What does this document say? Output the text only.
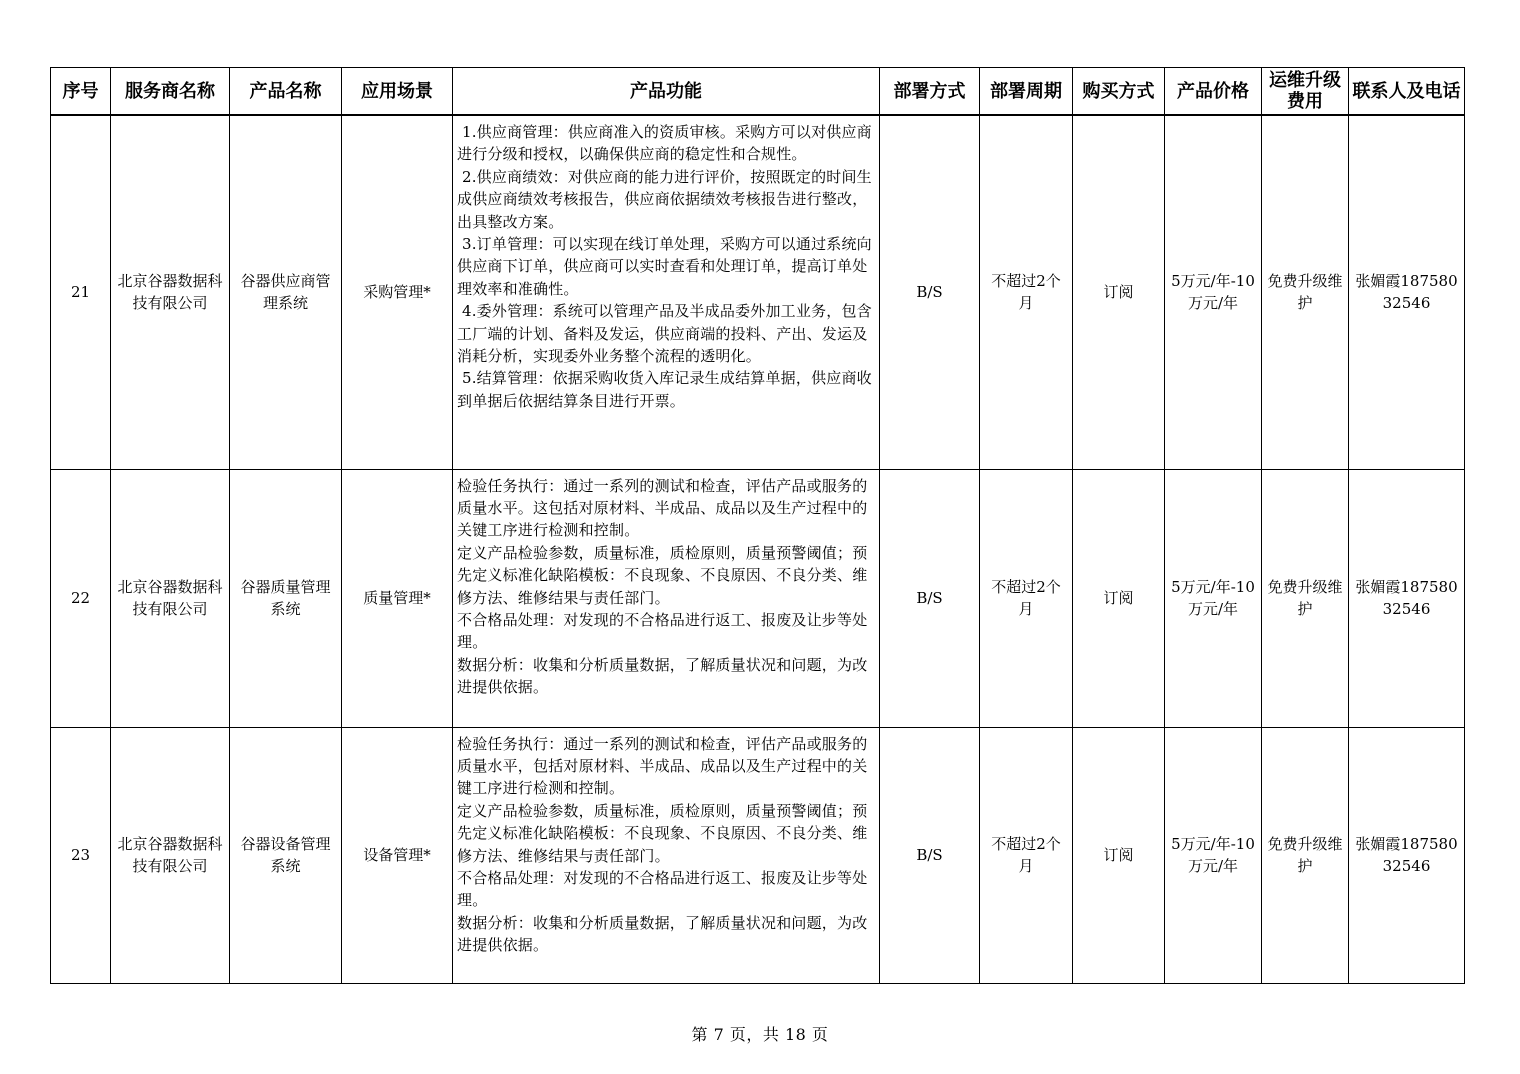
序号	服务商名称	产品名称	应用场景	产品功能	部署方式	部署周期	购买方式	产品价格	运维升级费用	联系人及电话
21	北京谷器数据科技有限公司	谷器供应商管理系统	采购管理*	1.供应商管理：供应商准入的资质审核。采购方可以对供应商进行分级和授权，以确保供应商的稳定性和合规性。
2.供应商绩效：对供应商的能力进行评价，按照既定的时间生成供应商绩效考核报告，供应商依据绩效考核报告进行整改，出具整改方案。
3.订单管理：可以实现在线订单处理，采购方可以通过系统向供应商下订单，供应商可以实时查看和处理订单，提高订单处理效率和准确性。
4.委外管理：系统可以管理产品及半成品委外加工业务，包含工厂端的计划、备料及发运，供应商端的投料、产出、发运及消耗分析，实现委外业务整个流程的透明化。
5.结算管理：依据采购收货入库记录生成结算单据，供应商收到单据后依据结算条目进行开票。	B/S	不超过2个月	订阅	5万元/年-10万元/年	免费升级维护	张媚霞18758032546
22	北京谷器数据科技有限公司	谷器质量管理系统	质量管理*	检验任务执行：通过一系列的测试和检查，评估产品或服务的质量水平。这包括对原材料、半成品、成品以及生产过程中的关键工序进行检测和控制。
定义产品检验参数，质量标准，质检原则，质量预警阈值；预先定义标准化缺陷模板：不良现象、不良原因、不良分类、维修方法、维修结果与责任部门。
不合格品处理：对发现的不合格品进行返工、报废及让步等处理。
数据分析：收集和分析质量数据，了解质量状况和问题，为改进提供依据。	B/S	不超过2个月	订阅	5万元/年-10万元/年	免费升级维护	张媚霞18758032546
23	北京谷器数据科技有限公司	谷器设备管理系统	设备管理*	检验任务执行：通过一系列的测试和检查，评估产品或服务的质量水平，包括对原材料、半成品、成品以及生产过程中的关键工序进行检测和控制。
定义产品检验参数，质量标准，质检原则，质量预警阈值；预先定义标准化缺陷模板：不良现象、不良原因、不良分类、维修方法、维修结果与责任部门。
不合格品处理：对发现的不合格品进行返工、报废及让步等处理。
数据分析：收集和分析质量数据，了解质量状况和问题，为改进提供依据。	B/S	不超过2个月	订阅	5万元/年-10万元/年	免费升级维护	张媚霞18758032546
第 7 页，共 18 页
